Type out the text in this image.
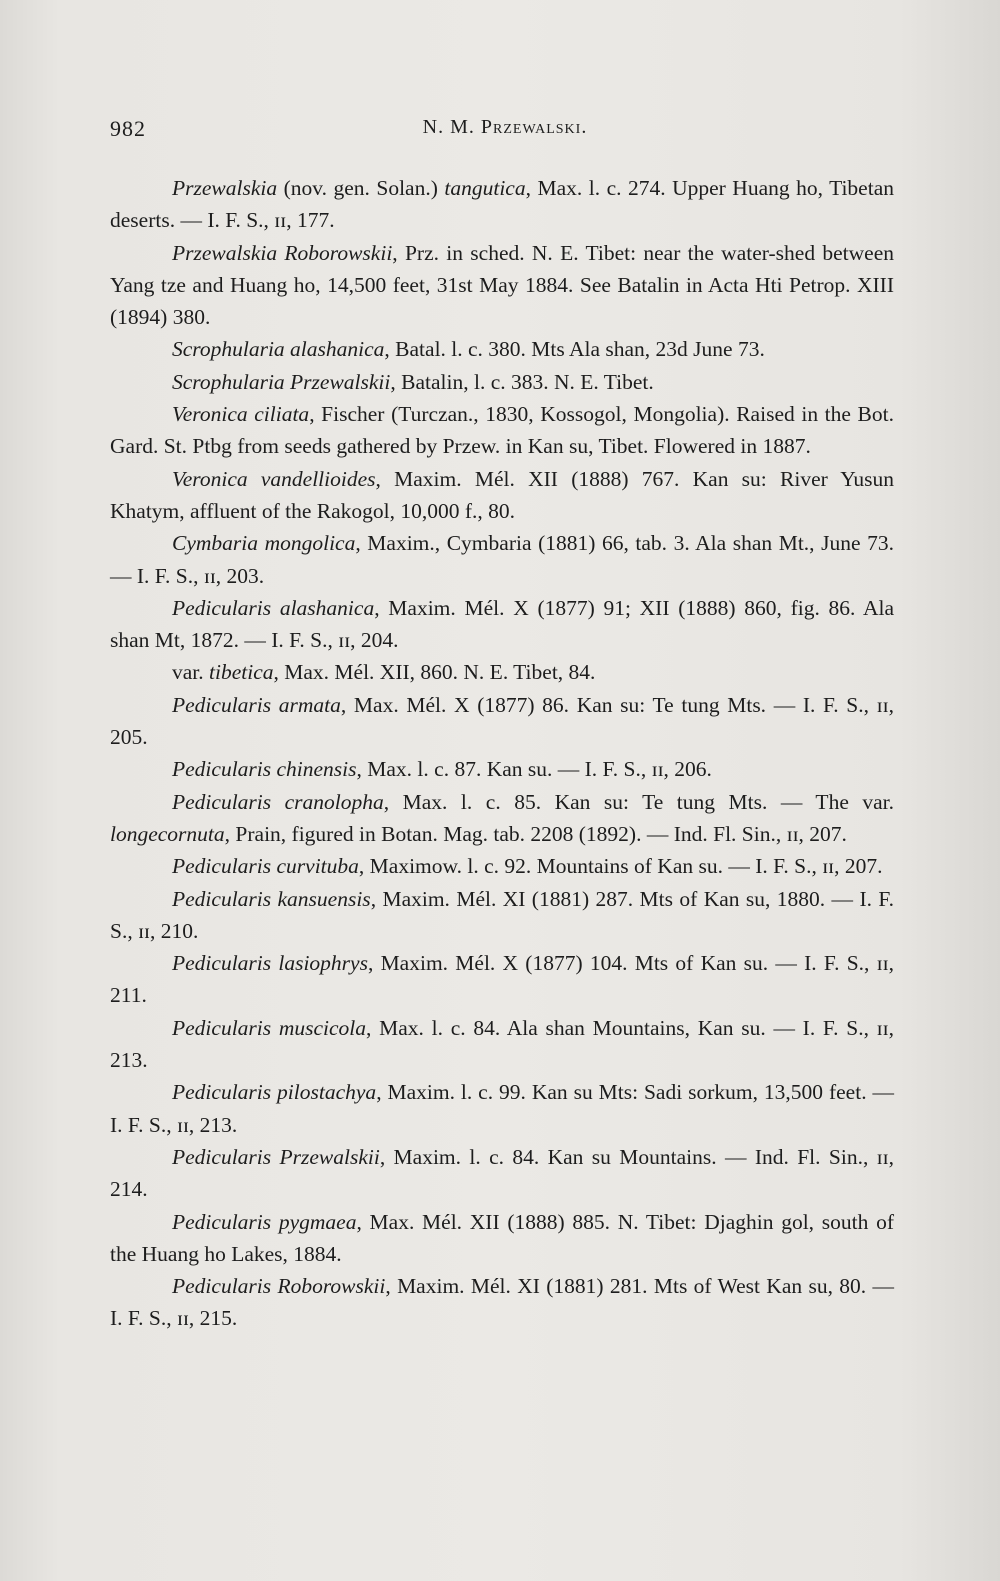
982	N. M. Przewalski.

Przewalskia (nov. gen. Solan.) tangutica, Max. l. c. 274. Upper Huang ho, Tibetan deserts. — I. F. S., ɪɪ, 177.

Przewalskia Roborowskii, Prz. in sched. N. E. Tibet: near the water-shed between Yang tze and Huang ho, 14,500 feet, 31st May 1884. See Batalin in Acta Hti Petrop. XIII (1894) 380.

Scrophularia alashanica, Batal. l. c. 380. Mts Ala shan, 23d June 73.

Scrophularia Przewalskii, Batalin, l. c. 383. N. E. Tibet.

Veronica ciliata, Fischer (Turczan., 1830, Kossogol, Mongolia). Raised in the Bot. Gard. St. Ptbg from seeds gathered by Przew. in Kan su, Tibet. Flowered in 1887.

Veronica vandellioides, Maxim. Mél. XII (1888) 767. Kan su: River Yusun Khatym, affluent of the Rakogol, 10,000 f., 80.

Cymbaria mongolica, Maxim., Cymbaria (1881) 66, tab. 3. Ala shan Mt., June 73. — I. F. S., ɪɪ, 203.

Pedicularis alashanica, Maxim. Mél. X (1877) 91; XII (1888) 860, fig. 86. Ala shan Mt, 1872. — I. F. S., ɪɪ, 204.

var. tibetica, Max. Mél. XII, 860. N. E. Tibet, 84.

Pedicularis armata, Max. Mél. X (1877) 86. Kan su: Te tung Mts. — I. F. S., ɪɪ, 205.

Pedicularis chinensis, Max. l. c. 87. Kan su. — I. F. S., ɪɪ, 206.

Pedicularis cranolopha, Max. l. c. 85. Kan su: Te tung Mts. — The var. longecornuta, Prain, figured in Botan. Mag. tab. 2208 (1892). — Ind. Fl. Sin., ɪɪ, 207.

Pedicularis curvituba, Maximow. l. c. 92. Mountains of Kan su. — I. F. S., ɪɪ, 207.

Pedicularis kansuensis, Maxim. Mél. XI (1881) 287. Mts of Kan su, 1880. — I. F. S., ɪɪ, 210.

Pedicularis lasiophrys, Maxim. Mél. X (1877) 104. Mts of Kan su. — I. F. S., ɪɪ, 211.

Pedicularis muscicola, Max. l. c. 84. Ala shan Mountains, Kan su. — I. F. S., ɪɪ, 213.

Pedicularis pilostachya, Maxim. l. c. 99. Kan su Mts: Sadi sorkum, 13,500 feet. — I. F. S., ɪɪ, 213.

Pedicularis Przewalskii, Maxim. l. c. 84. Kan su Mountains. — Ind. Fl. Sin., ɪɪ, 214.

Pedicularis pygmaea, Max. Mél. XII (1888) 885. N. Tibet: Djaghin gol, south of the Huang ho Lakes, 1884.

Pedicularis Roborowskii, Maxim. Mél. XI (1881) 281. Mts of West Kan su, 80. — I. F. S., ɪɪ, 215.
